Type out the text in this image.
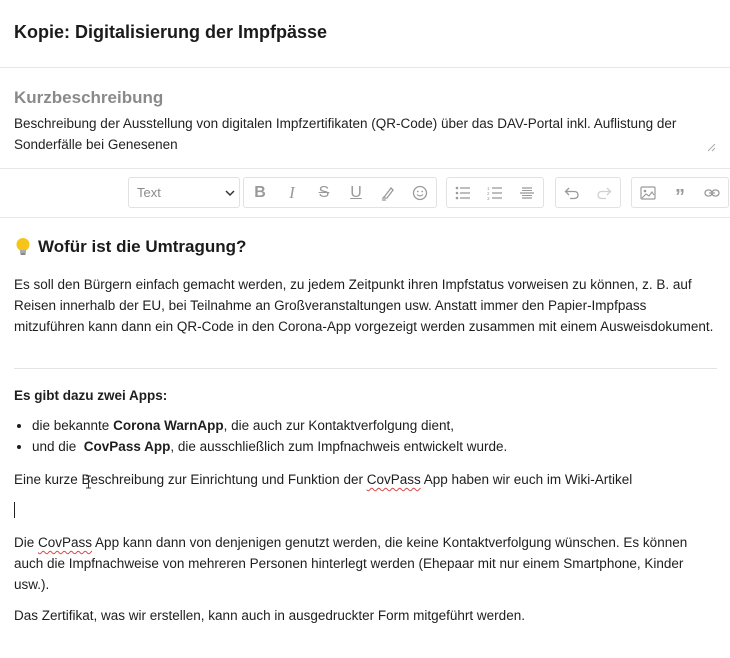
Kopie: Digitalisierung der Impfpässe
Kurzbeschreibung
Beschreibung der Ausstellung von digitalen Impfzertifikaten (QR-Code) über das DAV-Portal inkl. Auflistung der Sonderfälle bei Genesenen
Text	B I S U	1
2
3	”
Wofür ist die Umtragung?
Es soll den Bürgern einfach gemacht werden, zu jedem Zeitpunkt ihren Impfstatus vorweisen zu können, z. B. auf Reisen innerhalb der EU, bei Teilnahme an Großveranstaltungen usw. Anstatt immer den Papier-Impfpass mitzuführen kann dann ein QR-Code in den Corona-App vorgezeigt werden zusammen mit einem Ausweisdokument.
Es gibt dazu zwei Apps:
• die bekannte Corona WarnApp, die auch zur Kontaktverfolgung dient,
• und die  CovPass App, die ausschließlich zum Impfnachweis entwickelt wurde.
Eine kurze Beschreibung zur Einrichtung und Funktion der CovPass App haben wir euch im Wiki-Artikel
Die CovPass App kann dann von denjenigen genutzt werden, die keine Kontaktverfolgung wünschen. Es können auch die Impfnachweise von mehreren Personen hinterlegt werden (Ehepaar mit nur einem Smartphone, Kinder usw.).
Das Zertifikat, was wir erstellen, kann auch in ausgedruckter Form mitgeführt werden.
